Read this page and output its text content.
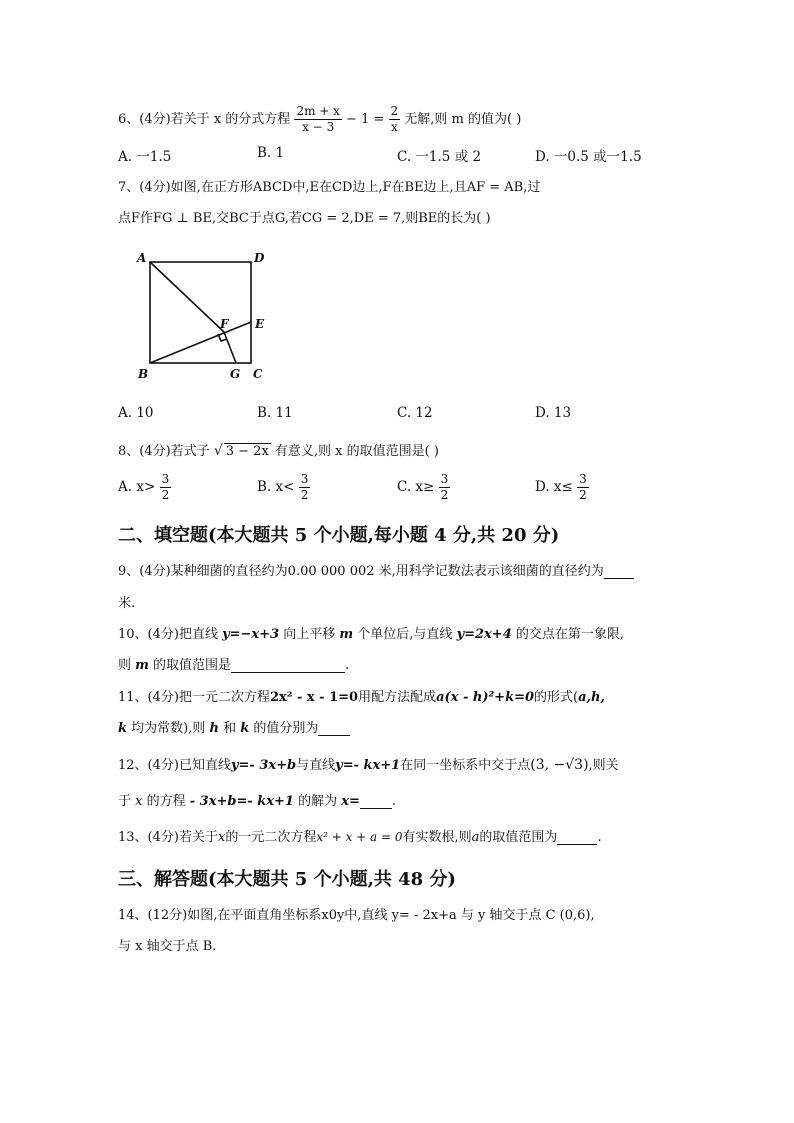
6、(4分)若关于 x 的分式方程 $\frac{2m + x}{x - 3} - 1 = \frac{2}{x}$ 无解,则 m 的值为( )
A. 一1.5	B. 1	C. 一1.5 或 2	D. 一0.5 或一1.5
7、(4分)如图,在正方形ABCD中,E在CD边上,F在BE边上,且AF = AB,过
点F作FG ⊥ BE,交BC于点G,若CG = 2,DE = 7,则BE的长为( )
A	D
F E
B	G C
A. 10	B. 11	C. 12	D. 13
8、(4分)若式子 √ 3 − 2x 有意义,则 x 的取值范围是( )
A. $x> \frac{3}{2}$	B. $x< \frac{3}{2}$	C. $x\ge \frac{3}{2}$	D. $x\le \frac{3}{2}$
二、填空题(本大题共 5 个小题,每小题 4 分,共 20 分)
9、(4分)某种细菌的直径约为0.00 000 002 米,用科学记数法表示该细菌的直径约为
米.
10、(4分)把直线 y=−x+3 向上平移 m 个单位后,与直线 y=2x+4 的交点在第一象限,
则 m 的取值范围是	.
11、(4分)把一元二次方程2x² - x - 1=0用配方法配成a(x - h)²+k=0的形式(a,h,
k 均为常数),则 h 和 k 的值分别为
12、(4分)已知直线y=- 3x+b与直线y=- kx+1在同一坐标系中交于点(3, −√3),则关
于 x 的方程 - 3x+b=- kx+1 的解为 x= .
13、(4分)若关于x的一元二次方程x² + x + a = 0有实数根,则a的取值范围为	.
三、解答题(本大题共 5 个小题,共 48 分)
14、(12分)如图,在平面直角坐标系x0y中,直线 y= - 2x+a 与 y 轴交于点 C (0,6),
与 x 轴交于点 B.
